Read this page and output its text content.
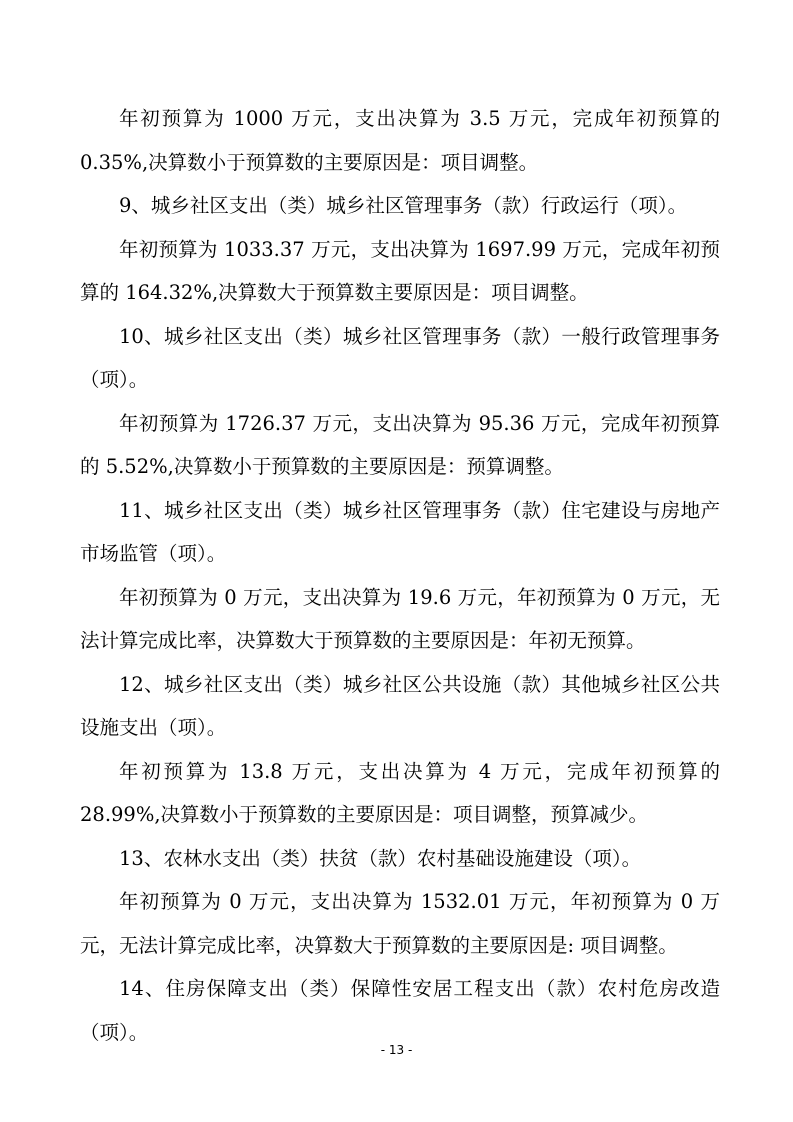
年初预算为 1000 万元，支出决算为 3.5 万元，完成年初预算的 0.35%,决算数小于预算数的主要原因是：项目调整。

9、城乡社区支出（类）城乡社区管理事务（款）行政运行（项）。

年初预算为 1033.37 万元，支出决算为 1697.99 万元，完成年初预算的 164.32%,决算数大于预算数主要原因是：项目调整。

10、城乡社区支出（类）城乡社区管理事务（款）一般行政管理事务（项）。

年初预算为 1726.37 万元，支出决算为 95.36 万元，完成年初预算的 5.52%,决算数小于预算数的主要原因是：预算调整。

11、城乡社区支出（类）城乡社区管理事务（款）住宅建设与房地产市场监管（项）。

年初预算为 0 万元，支出决算为 19.6 万元，年初预算为 0 万元，无法计算完成比率，决算数大于预算数的主要原因是：年初无预算。

12、城乡社区支出（类）城乡社区公共设施（款）其他城乡社区公共设施支出（项）。

年初预算为 13.8 万元，支出决算为 4 万元，完成年初预算的 28.99%,决算数小于预算数的主要原因是：项目调整，预算减少。

13、农林水支出（类）扶贫（款）农村基础设施建设（项）。

年初预算为 0 万元，支出决算为 1532.01 万元，年初预算为 0 万元，无法计算完成比率，决算数大于预算数的主要原因是: 项目调整。

14、住房保障支出（类）保障性安居工程支出（款）农村危房改造（项）。

- 13 -
